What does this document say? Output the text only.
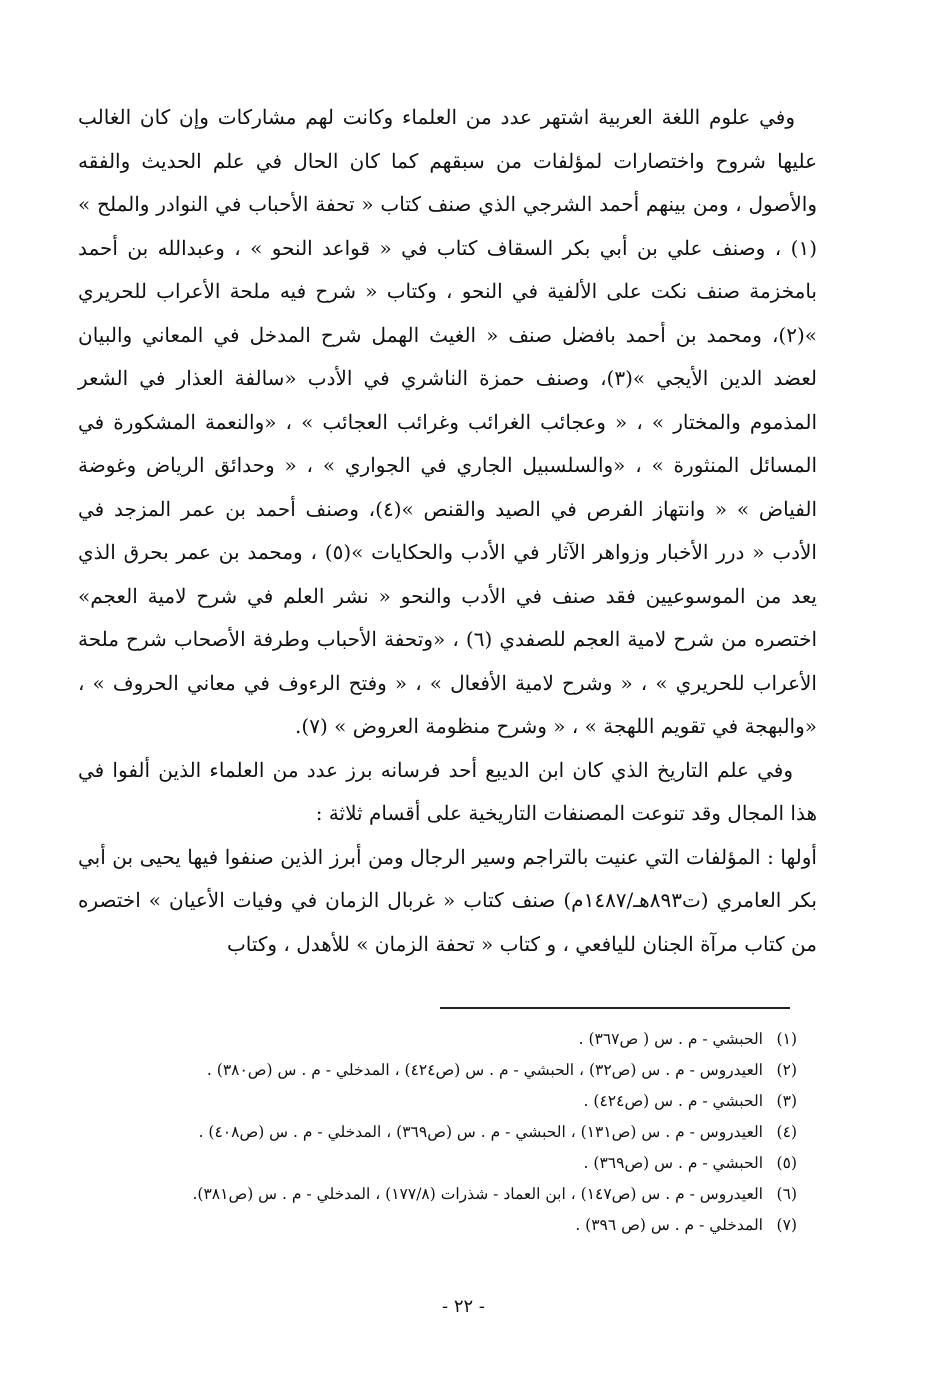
وفي علوم اللغة العربية اشتهر عدد من العلماء وكانت لهم مشاركات وإن كان الغالب عليها شروح واختصارات لمؤلفات من سبقهم كما كان الحال في علم الحديث والفقه والأصول ، ومن بينهم أحمد الشرجي الذي صنف كتاب « تحفة الأحباب في النوادر والملح » (١) ، وصنف علي بن أبي بكر السقاف كتاب في « قواعد النحو » ، وعبدالله بن أحمد بامخزمة صنف نكت على الألفية في النحو ، وكتاب « شرح فيه ملحة الأعراب للحريري »(٢)، ومحمد بن أحمد بافضل صنف « الغيث الهمل شرح المدخل في المعاني والبيان لعضد الدين الأيجي »(٣)، وصنف حمزة الناشري في الأدب «سالفة العذار في الشعر المذموم والمختار » ، « وعجائب الغرائب وغرائب العجائب » ، «والنعمة المشكورة في المسائل المنثورة » ، «والسلسبيل الجاري في الجواري » ، « وحدائق الرياض وغوضة الفياض » « وانتهاز الفرص في الصيد والقنص »(٤)، وصنف أحمد بن عمر المزجد في الأدب « درر الأخبار وزواهر الآثار في الأدب والحكايات »(٥) ، ومحمد بن عمر بحرق الذي يعد من الموسوعيين فقد صنف في الأدب والنحو « نشر العلم في شرح لامية العجم» اختصره من شرح لامية العجم للصفدي (٦) ، «وتحفة الأحباب وطرفة الأصحاب شرح ملحة الأعراب للحريري » ، « وشرح لامية الأفعال » ، « وفتح الرءوف في معاني الحروف » ، «والبهجة في تقويم اللهجة » ، « وشرح منظومة العروض » (٧).

وفي علم التاريخ الذي كان ابن الديبع أحد فرسانه برز عدد من العلماء الذين ألفوا في هذا المجال وقد تنوعت المصنفات التاريخية على أقسام ثلاثة :

أولها : المؤلفات التي عنيت بالتراجم وسير الرجال ومن أبرز الذين صنفوا فيها يحيى بن أبي بكر العامري (ت٨٩٣هـ/١٤٨٧م) صنف كتاب « غربال الزمان في وفيات الأعيان » اختصره من كتاب مرآة الجنان لليافعي ، و كتاب « تحفة الزمان » للأهدل ، وكتاب

(١)
الحبشي - م . س ( ص٣٦٧) .
(٢)
العيدروس - م . س (ص٣٢) ، الحبشي - م . س (ص٤٢٤) ، المدخلي - م . س (ص٣٨٠) .
(٣)
الحبشي - م . س (ص٤٢٤) .
(٤)
العيدروس - م . س (ص١٣١) ، الحبشي - م . س (ص٣٦٩) ، المدخلي - م . س (ص٤٠٨) .
(٥)
الحبشي - م . س (ص٣٦٩) .
(٦)
العيدروس - م . س (ص١٤٧) ، ابن العماد - شذرات (١٧٧/٨) ، المدخلي - م . س (ص٣٨١).
(٧)
المدخلي - م . س (ص ٣٩٦) .
- ٢٢ -
